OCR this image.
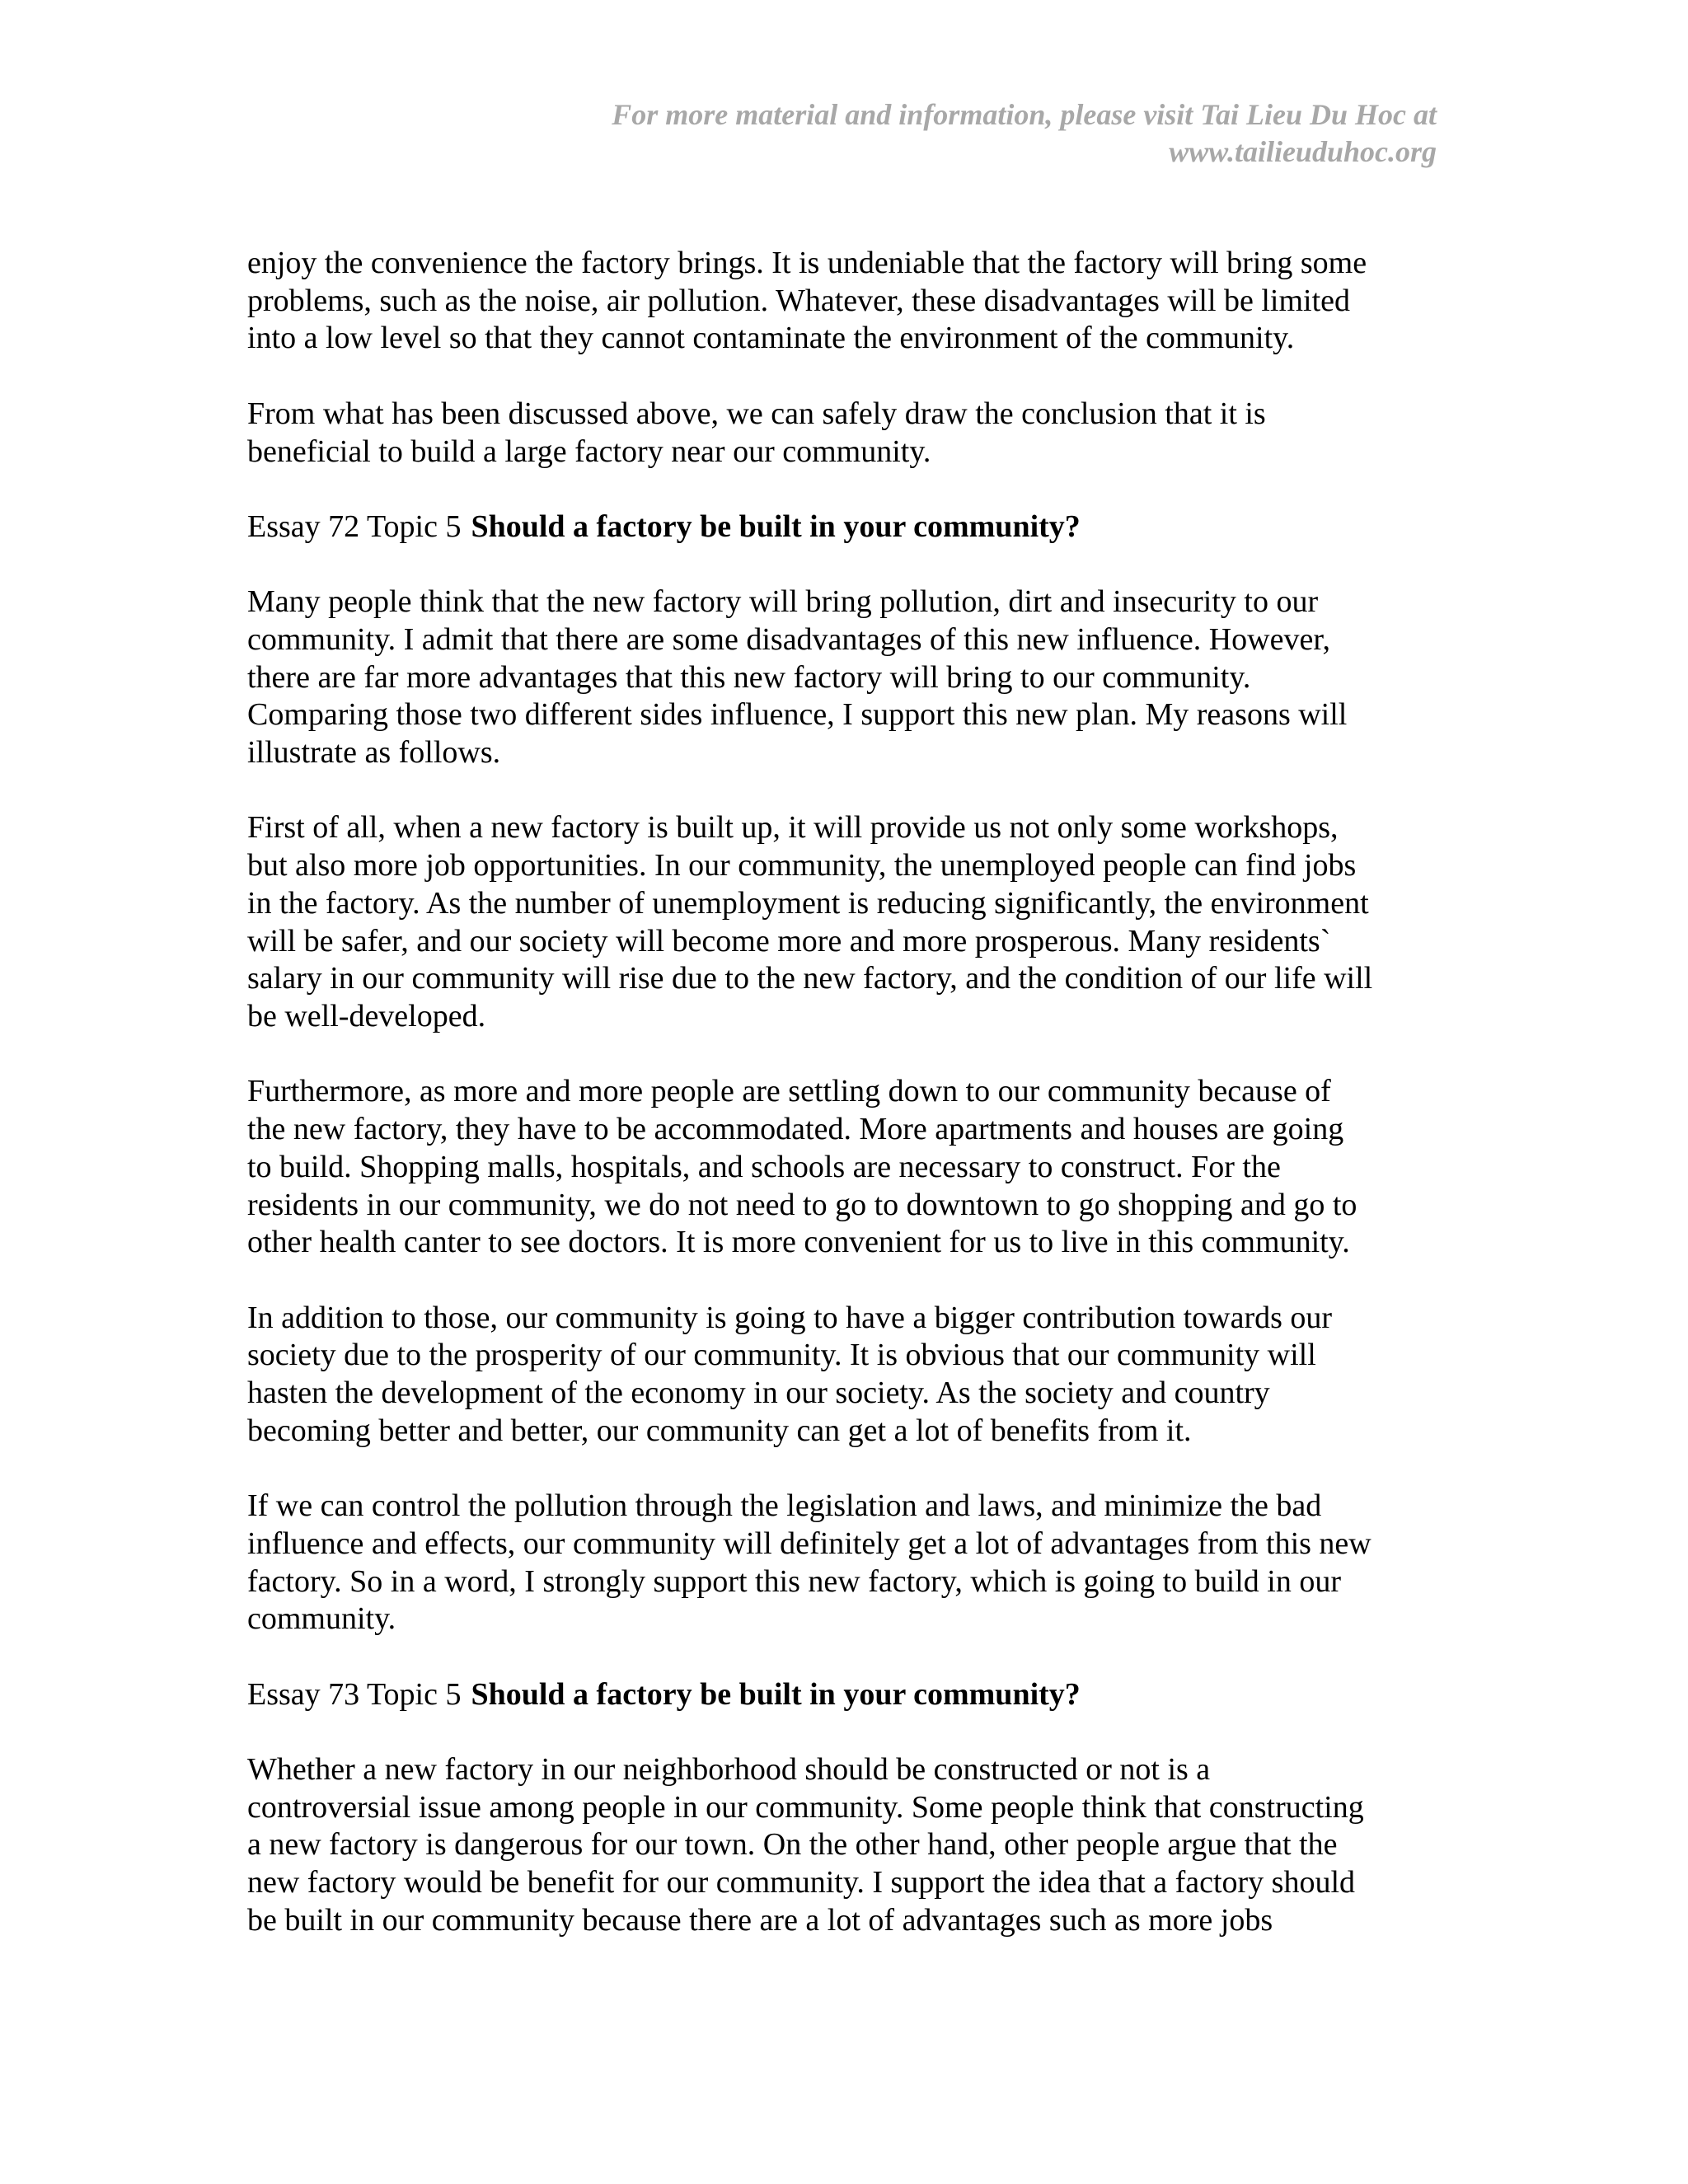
For more material and information, please visit Tai Lieu Du Hoc at
www.tailieuduhoc.org
enjoy the convenience the factory brings. It is undeniable that the factory will bring some
problems, such as the noise, air pollution. Whatever, these disadvantages will be limited
into a low level so that they cannot contaminate the environment of the community.
From what has been discussed above, we can safely draw the conclusion that it is
beneficial to build a large factory near our community.
Essay 72 Topic 5 Should a factory be built in your community?
Many people think that the new factory will bring pollution, dirt and insecurity to our
community. I admit that there are some disadvantages of this new influence. However,
there are far more advantages that this new factory will bring to our community.
Comparing those two different sides influence, I support this new plan. My reasons will
illustrate as follows.
First of all, when a new factory is built up, it will provide us not only some workshops,
but also more job opportunities. In our community, the unemployed people can find jobs
in the factory. As the number of unemployment is reducing significantly, the environment
will be safer, and our society will become more and more prosperous. Many residents`
salary in our community will rise due to the new factory, and the condition of our life will
be well-developed.
Furthermore, as more and more people are settling down to our community because of
the new factory, they have to be accommodated. More apartments and houses are going
to build. Shopping malls, hospitals, and schools are necessary to construct. For the
residents in our community, we do not need to go to downtown to go shopping and go to
other health canter to see doctors. It is more convenient for us to live in this community.
In addition to those, our community is going to have a bigger contribution towards our
society due to the prosperity of our community. It is obvious that our community will
hasten the development of the economy in our society. As the society and country
becoming better and better, our community can get a lot of benefits from it.
If we can control the pollution through the legislation and laws, and minimize the bad
influence and effects, our community will definitely get a lot of advantages from this new
factory. So in a word, I strongly support this new factory, which is going to build in our
community.
Essay 73 Topic 5 Should a factory be built in your community?
Whether a new factory in our neighborhood should be constructed or not is a
controversial issue among people in our community. Some people think that constructing
a new factory is dangerous for our town. On the other hand, other people argue that the
new factory would be benefit for our community. I support the idea that a factory should
be built in our community because there are a lot of advantages such as more jobs
